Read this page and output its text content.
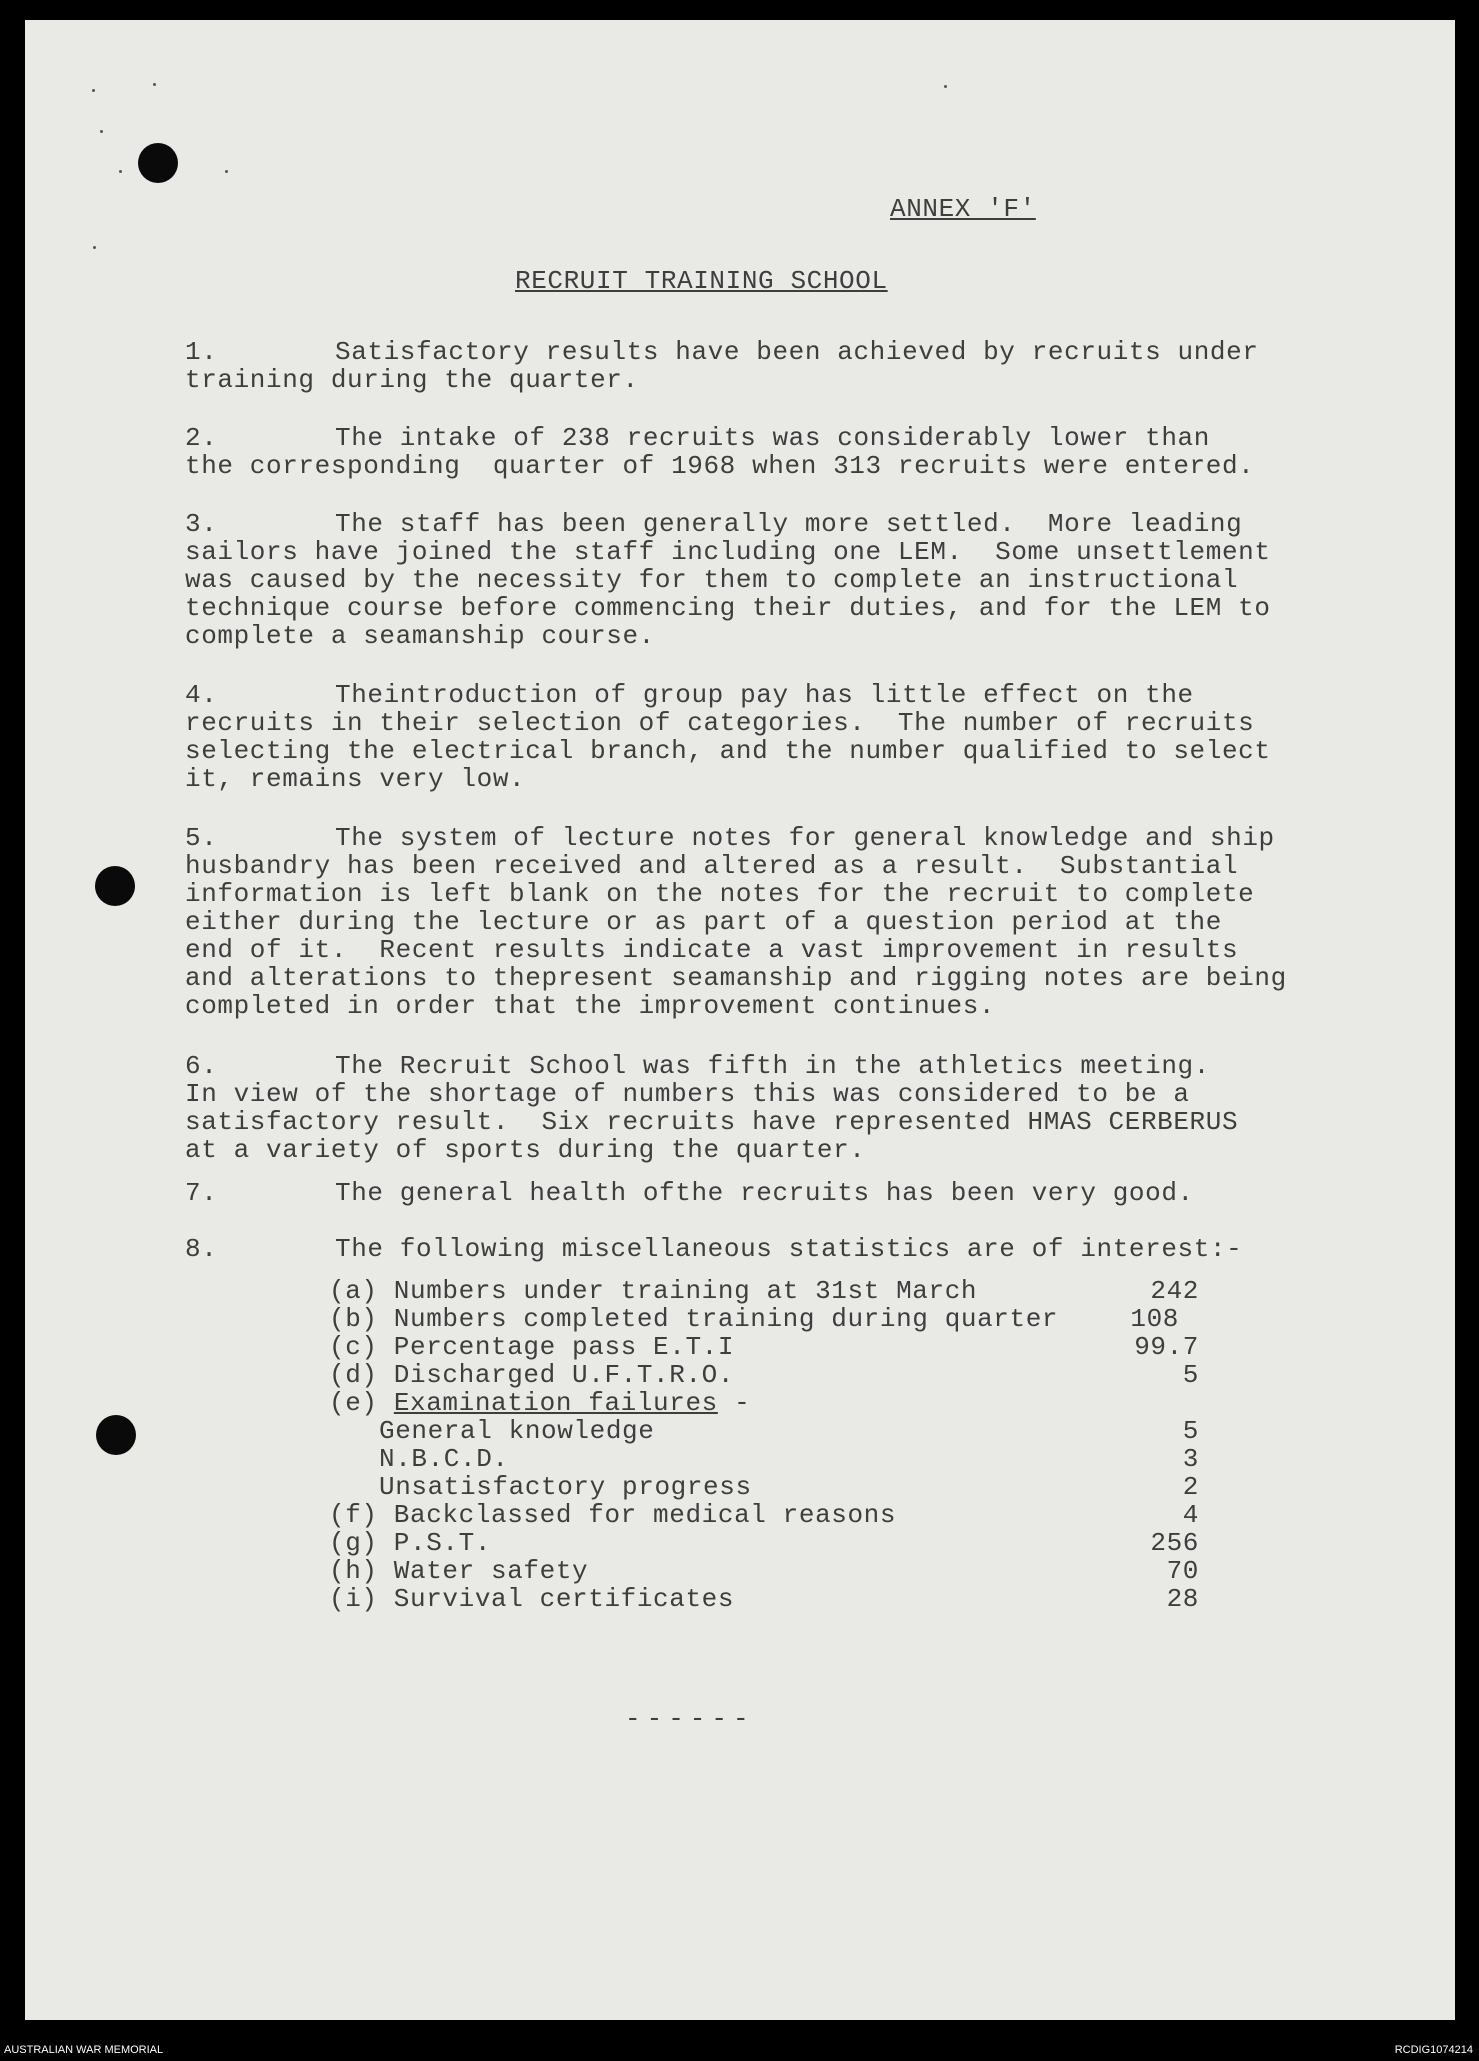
ANNEX 'F'
RECRUIT TRAINING SCHOOL
1.	Satisfactory results have been achieved by recruits under
training during the quarter.
2.	The intake of 238 recruits was considerably lower than
the corresponding  quarter of 1968 when 313 recruits were entered.
3.	The staff has been generally more settled.  More leading
sailors have joined the staff including one LEM.  Some unsettlement
was caused by the necessity for them to complete an instructional
technique course before commencing their duties, and for the LEM to
complete a seamanship course.
4.	Theintroduction of group pay has little effect on the
recruits in their selection of categories.  The number of recruits
selecting the electrical branch, and the number qualified to select
it, remains very low.
5.	The system of lecture notes for general knowledge and ship
husbandry has been received and altered as a result.  Substantial
information is left blank on the notes for the recruit to complete
either during the lecture or as part of a question period at the
end of it.  Recent results indicate a vast improvement in results
and alterations to thepresent seamanship and rigging notes are being
completed in order that the improvement continues.
6.	The Recruit School was fifth in the athletics meeting.
In view of the shortage of numbers this was considered to be a
satisfactory result.  Six recruits have represented HMAS CERBERUS
at a variety of sports during the quarter.
7.	The general health ofthe recruits has been very good.
8.	The following miscellaneous statistics are of interest:-
(a) Numbers under training at 31st March	242
(b) Numbers completed training during quarter	108
(c) Percentage pass E.T.I	99.7
(d) Discharged U.F.T.R.O.	5
(e) Examination failures -
General knowledge	5
N.B.C.D.	3
Unsatisfactory progress	2
(f) Backclassed for medical reasons	4
(g) P.S.T.	256
(h) Water safety	70
(i) Survival certificates	28
------
AUSTRALIAN WAR MEMORIAL	RCDIG1074214
